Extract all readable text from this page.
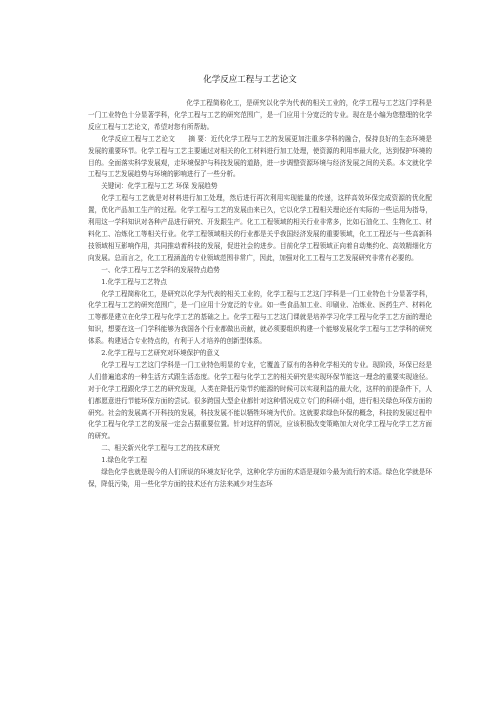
化学反应工程与工艺论文

化学工程简称化工，是研究以化学为代表的相关工业的，化学工程与工艺这门学科是一门工业特色十分显著学科，化学工程与工艺的研究范围广，是一门应用十分宽泛的专业。现在是小编为您整理的化学反应工程与工艺论文，希望对您有所帮助。

化学反应工程与工艺论文　　摘 要：近代化学工程与工艺的发展更加注重多学科的融合，保持良好的生态环境是发展的重要环节。化学工程与工艺主要通过对相关的化工材料进行加工处理，使资源的利用率最大化，达到保护环境的目的。全面落实科学发展观，走环境保护与科技发展的道路，进一步调整资源环境与经济发展之间的关系。本文就化学工程与工艺发展趋势与环境的影响进行了一些分析。

关键词：化学工程与工艺 环保 发展趋势

化学工程与工艺就是对材料进行加工处理，然后进行再次利用实现能量的传递，这样高效环保完成资源的优化配置，优化产品加工生产的过程。化学工程与工艺的发展由来已久，它以化学工程相关理论还有实际的一些运用为指导，利用这一学科知识对各种产品进行研究、开发跟生产。化工工程领域的相关行业非常多，比如石油化工、生物化工、材料化工、冶炼化工等相关行业。化学工程领域相关的行业都是关乎我国经济发展的重要领域，化工工程还与一些高新科技领域相互影响作用，共同推动着科技的发展，促进社会的进步。目前化学工程领域正向着自动集约化、高效精细化方向发展。总而言之，化工工程涵盖的专业领域范围非常广，因此，加强对化工工程与工艺发展研究非常有必要的。

一、化学工程与工艺学科的发展特点趋势

1.化学工程与工艺特点

化学工程简称化工，是研究以化学为代表的相关工业的，化学工程与工艺这门学科是一门工业特色十分显著学科，化学工程与工艺的研究范围广，是一门应用十分宽泛的专业。如一些食品加工业、印刷业、冶炼业、医药生产、材料化工等都是建立在化学工程与化学工艺的基础之上。化学工程与工艺这门课就是培养学习化学工程与化学工艺方面的理论知识，想要在这一门学科能够为我国各个行业都做出贡献，就必须要组织构建一个能够发展化学工程与工艺学科的研究体系。构建适合专业特点的，有利于人才培养的创新型体系。

2.化学工程与工艺研究对环境保护的意义

化学工程与工艺这门学科是一门工业特色明显的专业，它覆盖了原有的各种化学相关的专业。现阶段，环保已经是人们普遍追求的一种生活方式跟生活态度。化学工程与化学工艺的相关研究是实现环保节能这一理念的重要实现途径。对于化学工程跟化学工艺的研究发现，人类在降低污染节约能源的时候可以实现利益的最大化，这样的前提条件下，人们都愿意进行节能环保方面的尝试。很多跨国大型企业都针对这种情况成立专门的科研小组，进行相关绿色环保方面的研究。社会的发展离不开科技的发展，科技发展不能以牺牲环境为代价。这就要求绿色环保的概念，科技的发展过程中化学工程与化学工艺的发展一定会占据重要位置。针对这样的情况，应该积极改变策略加大对化学工程与化学工艺方面的研究。

二、相关新兴化学工程与工艺的技术研究

1.绿色化学工程

绿色化学也就是现今的人们所说的环境友好化学，这种化学方面的术语是现如今最为流行的术语。绿色化学就是环保，降低污染，用一些化学方面的技术还有方法来减少对生态环
